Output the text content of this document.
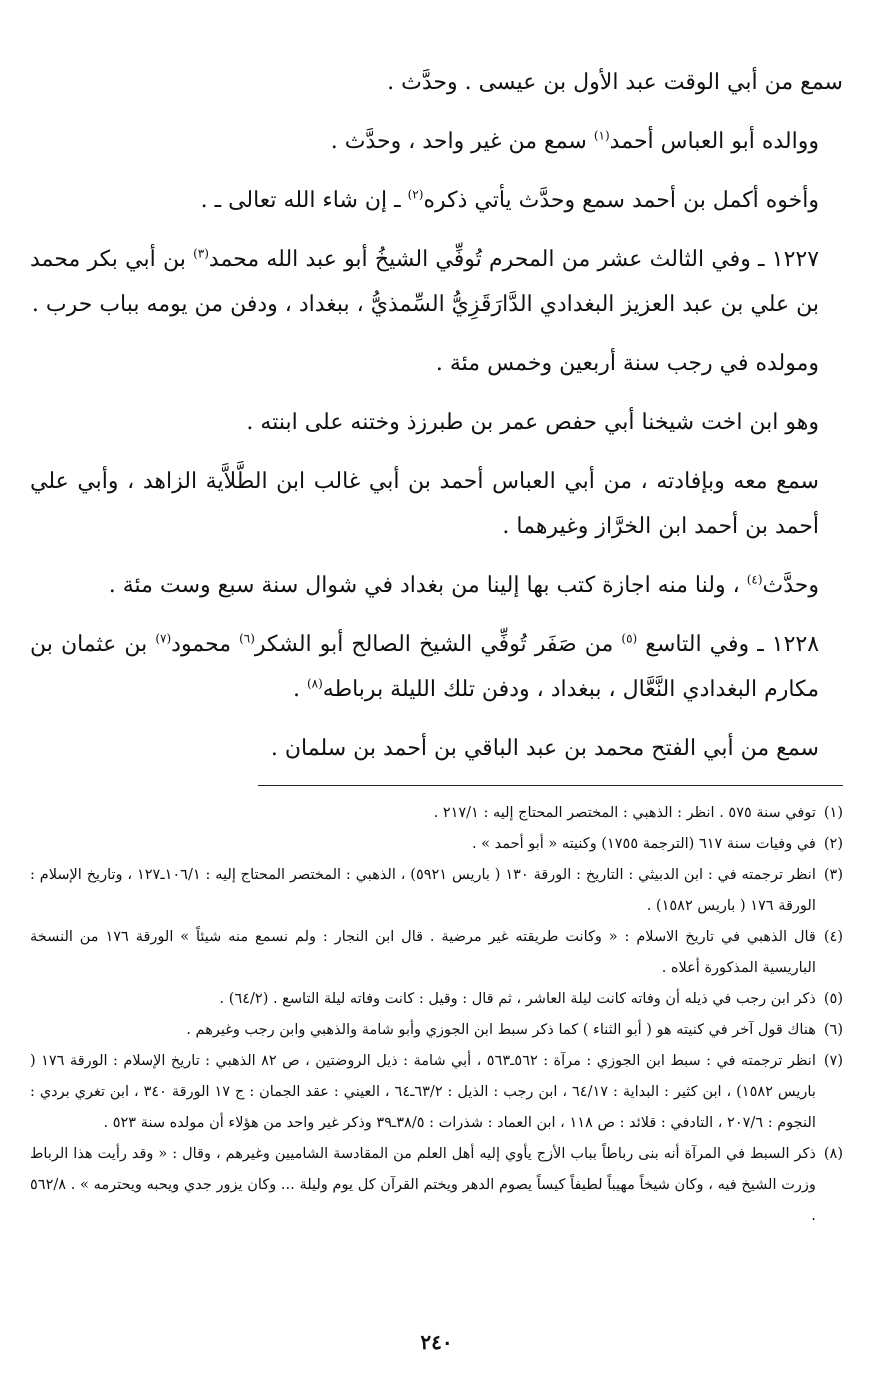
سمع من أبي الوقت عبد الأول بن عيسى . وحدَّث .

ووالده أبو العباس أحمد$^{(١)}$ سمع من غير واحد ، وحدَّث .

وأخوه أكمل بن أحمد سمع وحدَّث يأتي ذكره$^{(٢)}$ ـ إن شاء الله تعالى ـ .

١٢٢٧ ـ وفي الثالث عشر من المحرم تُوفِّي الشيخُ أبو عبد الله محمد$^{(٣)}$ بن أبي بكر محمد بن علي بن عبد العزيز البغدادي الدَّارَقَزِيُّ السِّمذيُّ ، ببغداد ، ودفن من يومه بباب حرب .

ومولده في رجب سنة أربعين وخمس مئة .

وهو ابن اخت شيخنا أبي حفص عمر بن طبرزذ وختنه على ابنته .

سمع معه وبإفادته ، من أبي العباس أحمد بن أبي غالب ابن الطَّلاَّية الزاهد ، وأبي علي أحمد بن أحمد ابن الخرَّاز وغيرهما .

وحدَّث$^{(٤)}$ ، ولنا منه اجازة كتب بها إلينا من بغداد في شوال سنة سبع وست مئة .

١٢٢٨ ـ وفي التاسع $^{(٥)}$ من صَفَر تُوفِّي الشيخ الصالح أبو الشكر$^{(٦)}$ محمود$^{(٧)}$ بن عثمان بن مكارم البغدادي النَّعَّال ، ببغداد ، ودفن تلك الليلة برباطه$^{(٨)}$ .

سمع من أبي الفتح محمد بن عبد الباقي بن أحمد بن سلمان .

(١)
توفي سنة ٥٧٥ . انظر : الذهبي : المختصر المحتاج إليه : ٢١٧/١ .
(٢)
في وفيات سنة ٦١٧ (الترجمة ١٧٥٥) وكنيته « أبو أحمد » .
(٣)
انظر ترجمته في : ابن الدبيثي : التاريخ : الورقة ١٣٠ ( باريس ٥٩٢١) ، الذهبي : المختصر المحتاج إليه : ١٠٦/١ـ١٢٧ ، وتاريخ الإسلام : الورقة ١٧٦ ( باريس ١٥٨٢) .
(٤)
قال الذهبي في تاريخ الاسلام : « وكانت طريقته غير مرضية . قال ابن النجار : ولم نسمع منه شيئاً » الورقة ١٧٦ من النسخة الباريسية المذكورة أعلاه .
(٥)
ذكر ابن رجب في ذيله أن وفاته كانت ليلة العاشر ، ثم قال : وقيل : كانت وفاته ليلة التاسع . (٦٤/٢) .
(٦)
هناك قول آخر في كنيته هو ( أبو الثناء ) كما ذكر سبط ابن الجوزي وأبو شامة والذهبي وابن رجب وغيرهم .
(٧)
انظر ترجمته في : سبط ابن الجوزي : مرآة : ٥٦٢ـ٥٦٣ ، أبي شامة : ذيل الروضتين ، ص ٨٢ الذهبي : تاريخ الإسلام : الورقة ١٧٦ ( باريس ١٥٨٢) ، ابن كثير : البداية : ٦٤/١٧ ، ابن رجب : الذيل : ٦٣/٢ـ٦٤ ، العيني : عقد الجمان : ج ١٧ الورقة ٣٤٠ ، ابن تغري بردي : النجوم : ٢٠٧/٦ ، التادفي : قلائد : ص ١١٨ ، ابن العماد : شذرات : ٣٨/٥ـ٣٩ وذكر غير واحد من هؤلاء أن مولده سنة ٥٢٣ .
(٨)
ذكر السبط في المرآة أنه بنى رباطاً بباب الأزج يأوي إليه أهل العلم من المقادسة الشاميين وغيرهم ، وقال : « وقد رأيت هذا الرباط وزرت الشيخ فيه ، وكان شيخاً مهيباً لطيفاً كيساً يصوم الدهر ويختم القرآن كل يوم وليلة ... وكان يزور جدي ويحبه ويحترمه » . ٥٦٢/٨ .
٢٤٠
